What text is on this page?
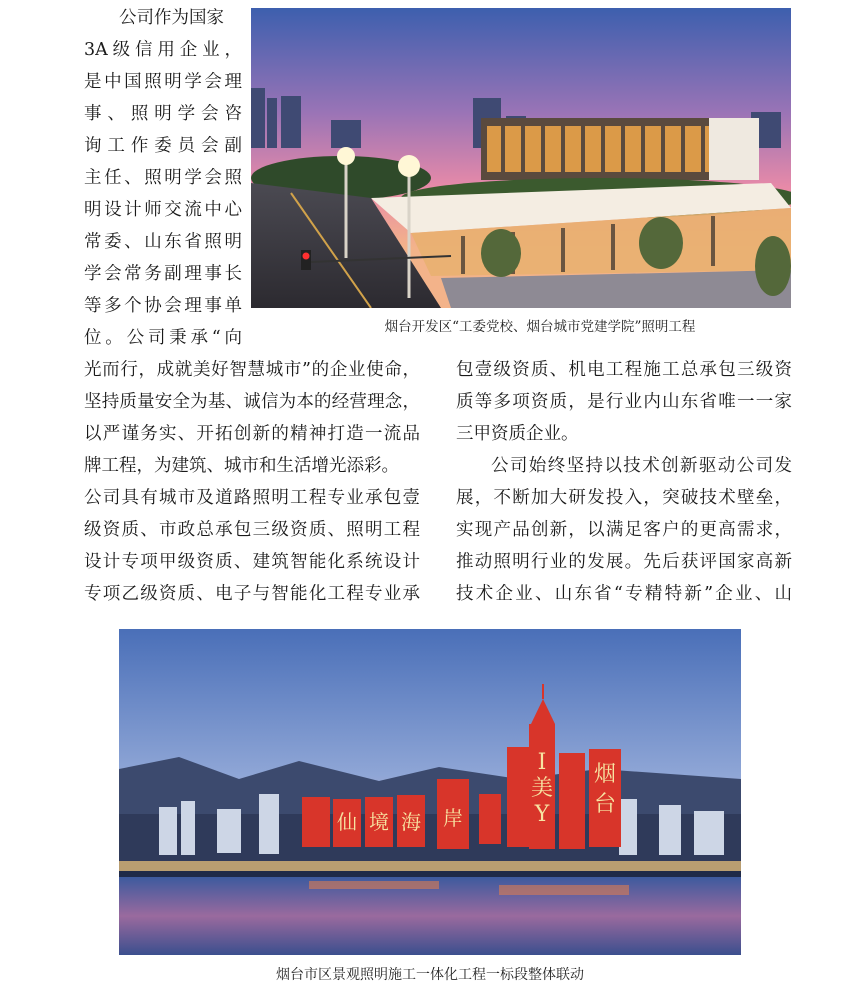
公司作为国家
3A级信用企业，
是中国照明学会理
事、照明学会咨
询工作委员会副
主任、照明学会照
明设计师交流中心
常委、山东省照明
学会常务副理事长
等多个协会理事单
位。公司秉承“向
烟台开发区“工委党校、烟台城市党建学院”照明工程
光而行，成就美好智慧城市”的企业使命，
坚持质量安全为基、诚信为本的经营理念，
以严谨务实、开拓创新的精神打造一流品
牌工程，为建筑、城市和生活增光添彩。
公司具有城市及道路照明工程专业承包壹
级资质、市政总承包三级资质、照明工程
设计专项甲级资质、建筑智能化系统设计
专项乙级资质、电子与智能化工程专业承
包壹级资质、机电工程施工总承包三级资
质等多项资质，是行业内山东省唯一一家
三甲资质企业。
公司始终坚持以技术创新驱动公司发
展，不断加大研发投入，突破技术壁垒，
实现产品创新，以满足客户的更高需求，
推动照明行业的发展。先后获评国家高新
技术企业、山东省“专精特新”企业、山
仙 境 海 岸
I
美
Y
烟
台
烟台市区景观照明施工一体化工程一标段整体联动
